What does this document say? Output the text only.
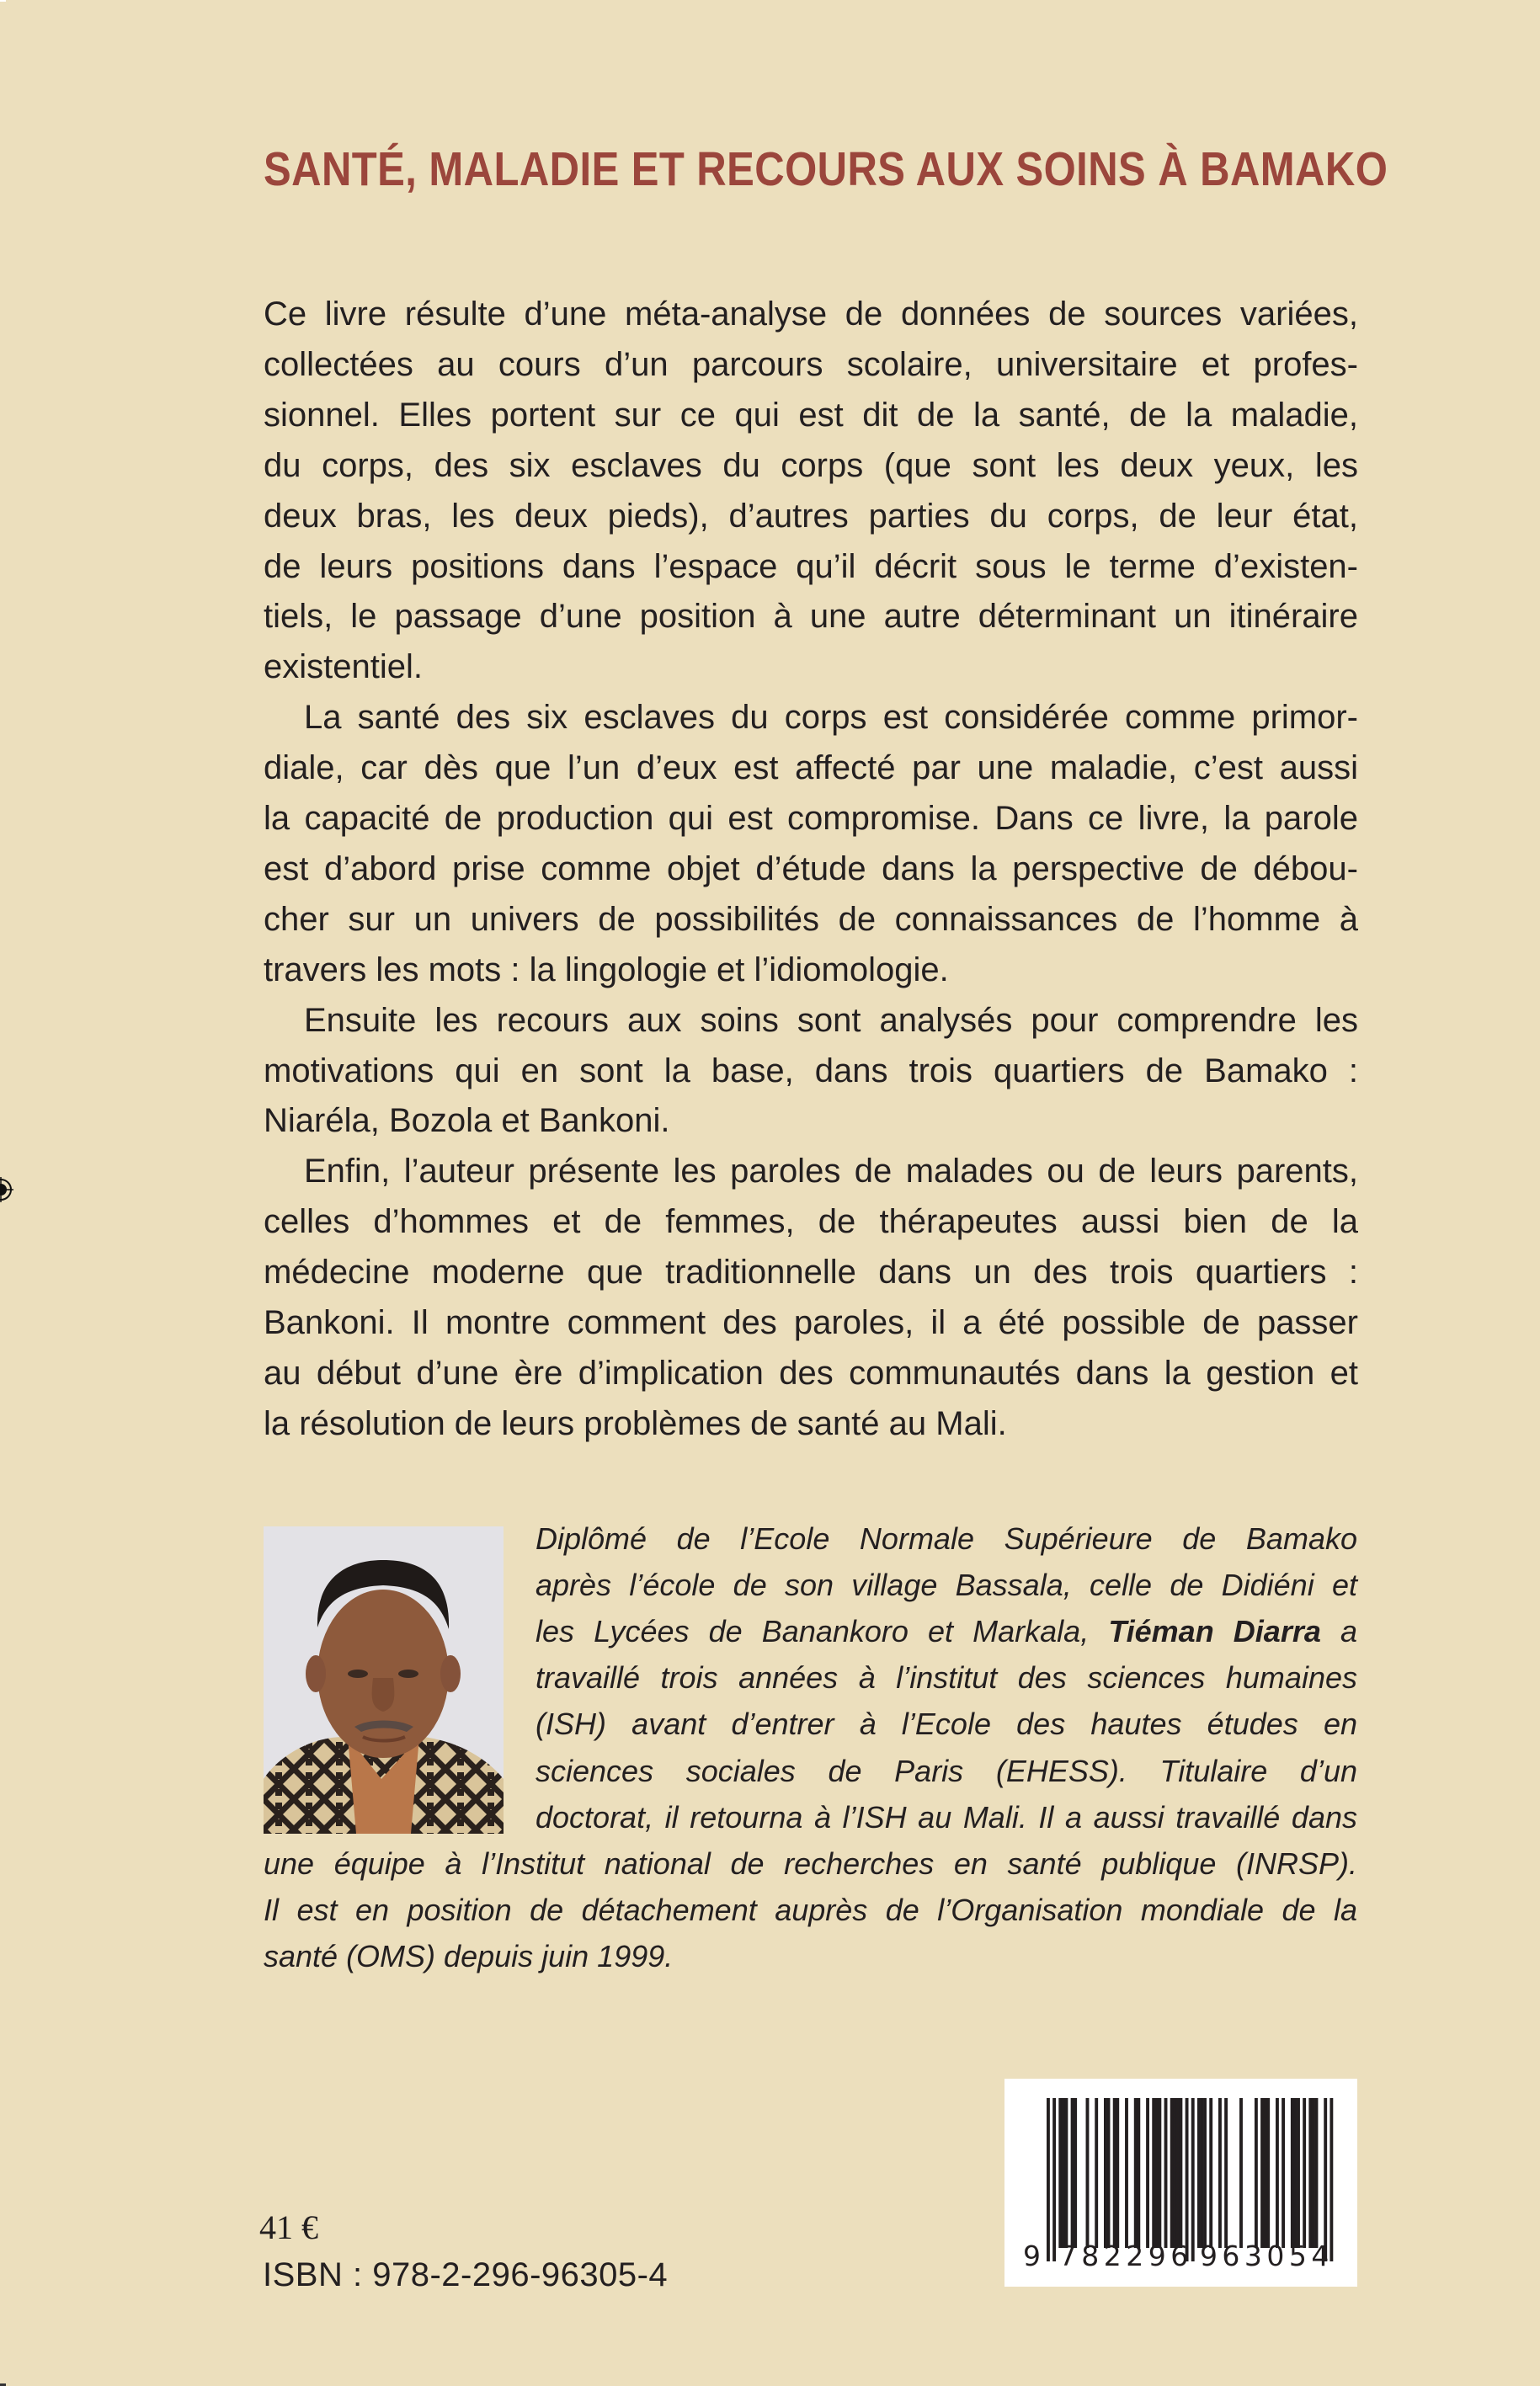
SANTÉ, MALADIE ET RECOURS AUX SOINS À BAMAKO
Ce livre résulte d’une méta-analyse de données de sources variées,
collectées au cours d’un parcours scolaire, universitaire et profes-
sionnel. Elles portent sur ce qui est dit de la santé, de la maladie,
du corps, des six esclaves du corps (que sont les deux yeux, les
deux bras, les deux pieds), d’autres parties du corps, de leur état,
de leurs positions dans l’espace qu’il décrit sous le terme d’existen-
tiels, le passage d’une position à une autre déterminant un itinéraire
existentiel.
La santé des six esclaves du corps est considérée comme primor-
diale, car dès que l’un d’eux est affecté par une maladie, c’est aussi
la capacité de production qui est compromise. Dans ce livre, la parole
est d’abord prise comme objet d’étude dans la perspective de débou-
cher sur un univers de possibilités de connaissances de l’homme à
travers les mots : la lingologie et l’idiomologie.
Ensuite les recours aux soins sont analysés pour comprendre les
motivations qui en sont la base, dans trois quartiers de Bamako :
Niaréla, Bozola et Bankoni.
Enfin, l’auteur présente les paroles de malades ou de leurs parents,
celles d’hommes et de femmes, de thérapeutes aussi bien de la
médecine moderne que traditionnelle dans un des trois quartiers :
Bankoni. Il montre comment des paroles, il a été possible de passer
au début d’une ère d’implication des communautés dans la gestion et
la résolution de leurs problèmes de santé au Mali.
Diplômé de l’Ecole Normale Supérieure de Bamako
après l’école de son village Bassala, celle de Didiéni et
les Lycées de Banankoro et Markala, Tiéman Diarra a
travaillé trois années à l’institut des sciences humaines
(ISH) avant d’entrer à l’Ecole des hautes études en
sciences sociales de Paris (EHESS). Titulaire d’un
doctorat, il retourna à l’ISH au Mali. Il a aussi travaillé dans
une équipe à l’Institut national de recherches en santé publique (INRSP).
Il est en position de détachement auprès de l’Organisation mondiale de la
santé (OMS) depuis juin 1999.
41 €
ISBN : 978-2-296-96305-4
9 782296 963054
